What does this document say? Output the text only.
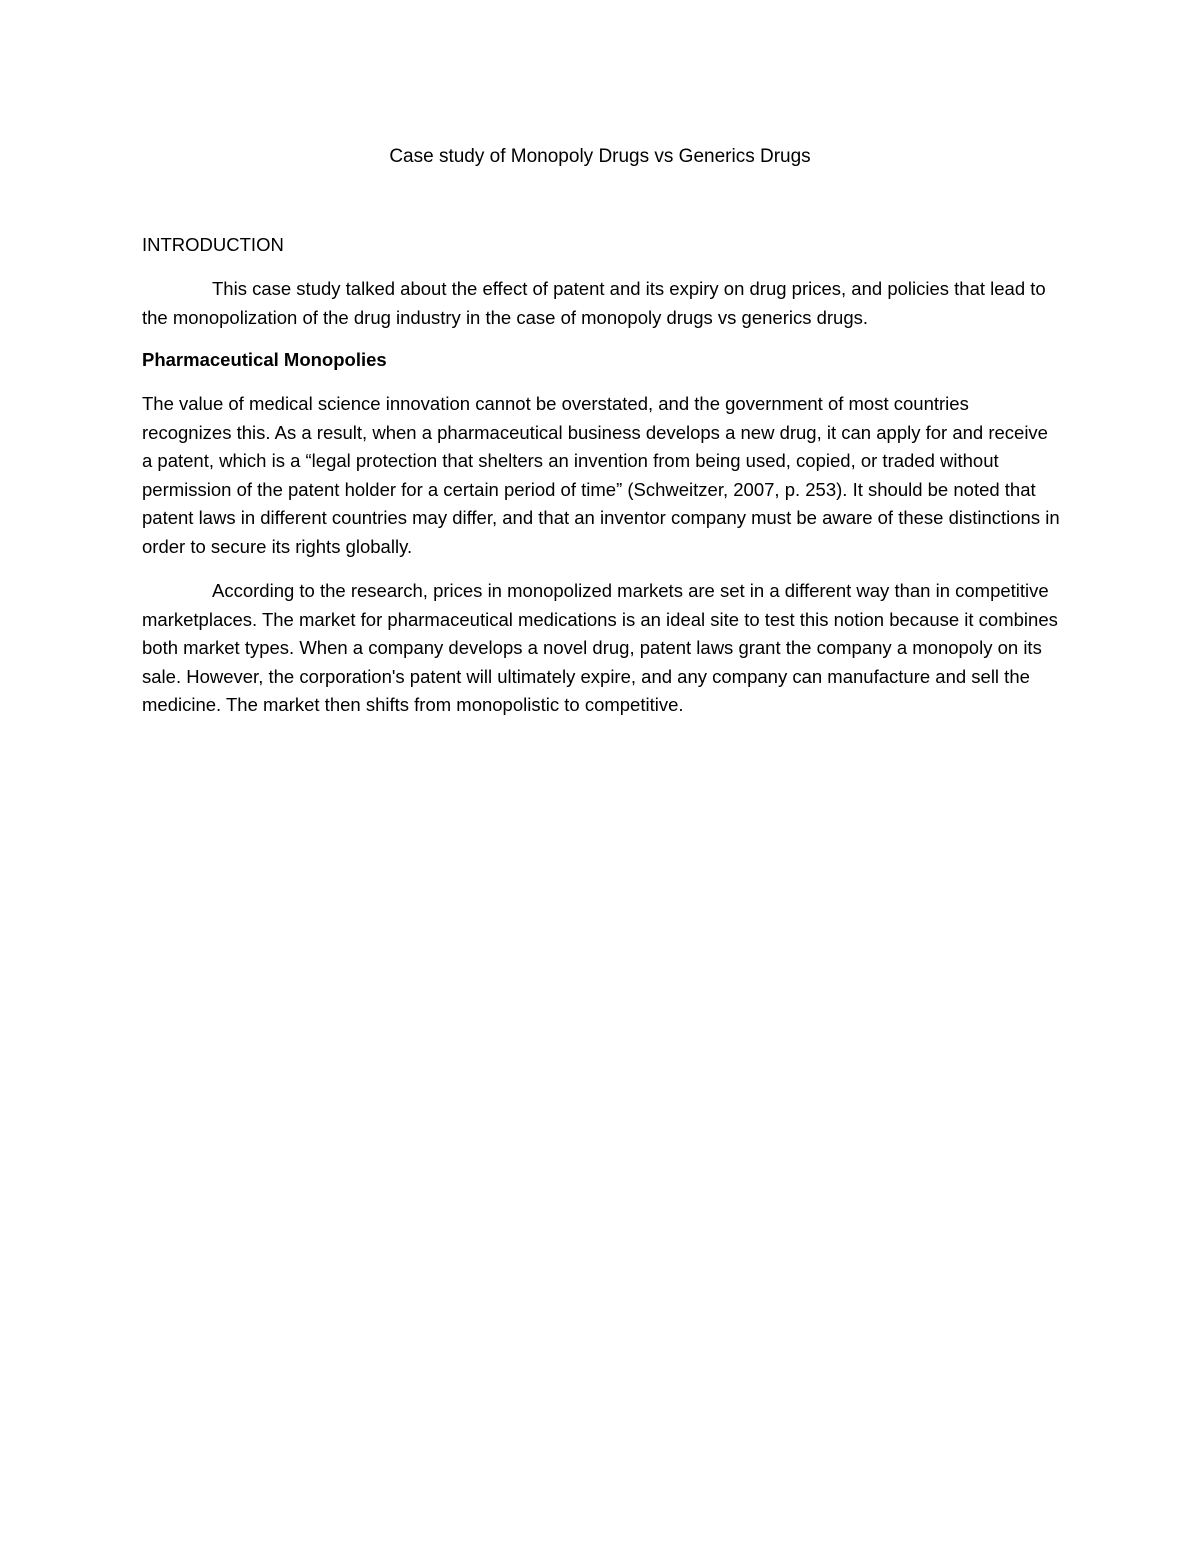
Case study of Monopoly Drugs vs Generics Drugs
INTRODUCTION

This case study talked about the effect of patent and its expiry on drug prices, and policies that lead to the monopolization of the drug industry in the case of monopoly drugs vs generics drugs.

Pharmaceutical Monopolies

The value of medical science innovation cannot be overstated, and the government of most countries recognizes this. As a result, when a pharmaceutical business develops a new drug, it can apply for and receive a patent, which is a “legal protection that shelters an invention from being used, copied, or traded without permission of the patent holder for a certain period of time” (Schweitzer, 2007, p. 253). It should be noted that patent laws in different countries may differ, and that an inventor company must be aware of these distinctions in order to secure its rights globally.

According to the research, prices in monopolized markets are set in a different way than in competitive marketplaces. The market for pharmaceutical medications is an ideal site to test this notion because it combines both market types. When a company develops a novel drug, patent laws grant the company a monopoly on its sale. However, the corporation's patent will ultimately expire, and any company can manufacture and sell the medicine. The market then shifts from monopolistic to competitive.
